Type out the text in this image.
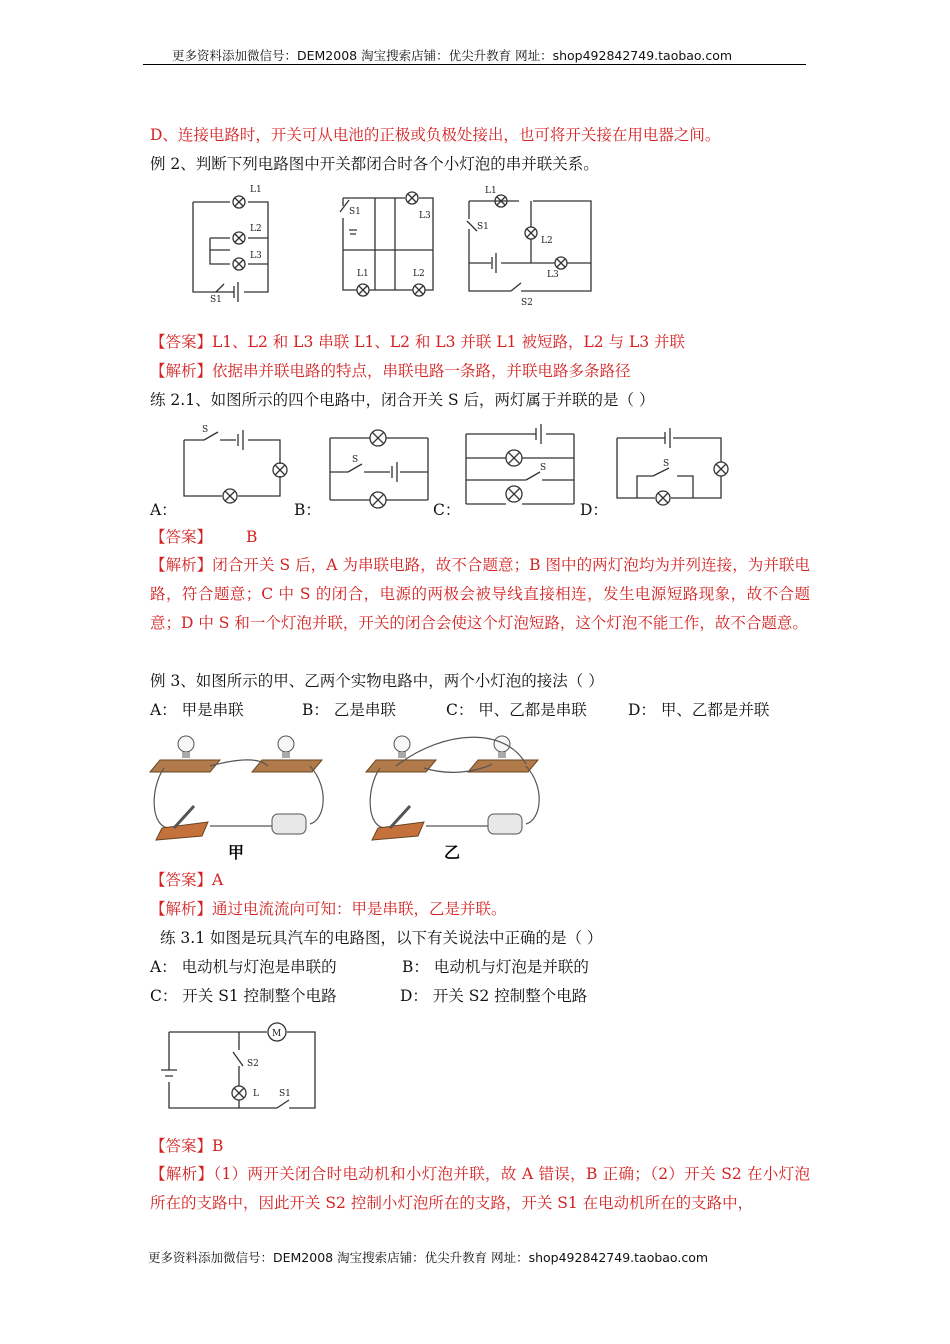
更多资料添加微信号：DEM2008 淘宝搜索店铺：优尖升教育 网址：shop492842749.taobao.com
D、连接电路时，开关可从电池的正极或负极处接出，也可将开关接在用电器之间。
例 2、判断下列电路图中开关都闭合时各个小灯泡的串并联关系。
L1
L2
L3
S1
S1	L3
L1	L2
L1
S1
L2
L3
S2
【答案】L1、L2 和 L3 串联 L1、L2 和 L3 并联 L1 被短路，L2 与 L3 并联
【解析】依据串并联电路的特点，串联电路一条路，并联电路多条路径
练 2.1、如图所示的四个电路中，闭合开关 S 后，两灯属于并联的是（ ）
S
S
S	S
A：	B：	C：	D：
【答案】 B
【解析】闭合开关 S 后，A 为串联电路，故不合题意；B 图中的两灯泡均为并列连接，为并联电路，符合题意；C 中 S 的闭合，电源的两极会被导线直接相连，发生电源短路现象，故不合题意；D 中 S 和一个灯泡并联，开关的闭合会使这个灯泡短路，这个灯泡不能工作，故不合题意。
例 3、如图所示的甲、乙两个实物电路中，两个小灯泡的接法（ ）
A： 甲是串联	B： 乙是串联	C： 甲、乙都是串联	D： 甲、乙都是并联
甲	乙
【答案】A
【解析】通过电流流向可知：甲是串联，乙是并联。
练 3.1 如图是玩具汽车的电路图，以下有关说法中正确的是（ ）
A： 电动机与灯泡是串联的	B： 电动机与灯泡是并联的
C： 开关 S1 控制整个电路	D： 开关 S2 控制整个电路
M
S2
L S1
【答案】B
【解析】（1）两开关闭合时电动机和小灯泡并联，故 A 错误，B 正确；（2）开关 S2 在小灯泡所在的支路中，因此开关 S2 控制小灯泡所在的支路，开关 S1 在电动机所在的支路中，
更多资料添加微信号：DEM2008 淘宝搜索店铺：优尖升教育 网址：shop492842749.taobao.com
